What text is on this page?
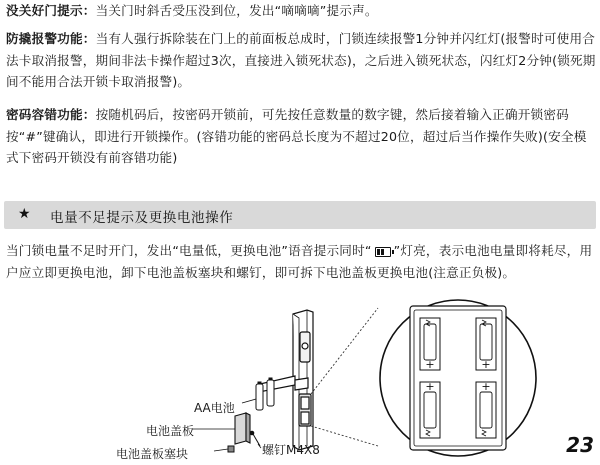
没关好门提示：当关门时斜舌受压没到位，发出“嘀嘀嘀”提示声。

防撬报警功能：当有人强行拆除装在门上的前面板总成时，门锁连续报警1分钟并闪红灯(报警时可使用合法卡取消报警，期间非法卡操作超过3次，直接进入锁死状态)，之后进入锁死状态，闪红灯2分钟(锁死期间不能用合法开锁卡取消报警)。

密码容错功能：按随机码后，按密码开锁前，可先按任意数量的数字键，然后接着输入正确开锁密码按“#”键确认，即进行开锁操作。(容错功能的密码总长度为不超过20位，超过后当作操作失败)(安全模式下密码开锁没有前容错功能)

★ 电量不足提示及更换电池操作

当门锁电量不足时开门，发出“电量低，更换电池”语音提示同时“ ”灯亮，表示电池电量即将耗尽，用户应立即更换电池，卸下电池盖板塞块和螺钉，即可拆下电池盖板更换电池(注意正负极)。

+	+
+	+
AA电池
电池盖板
电池盖板塞块	螺钉M4X8	23
